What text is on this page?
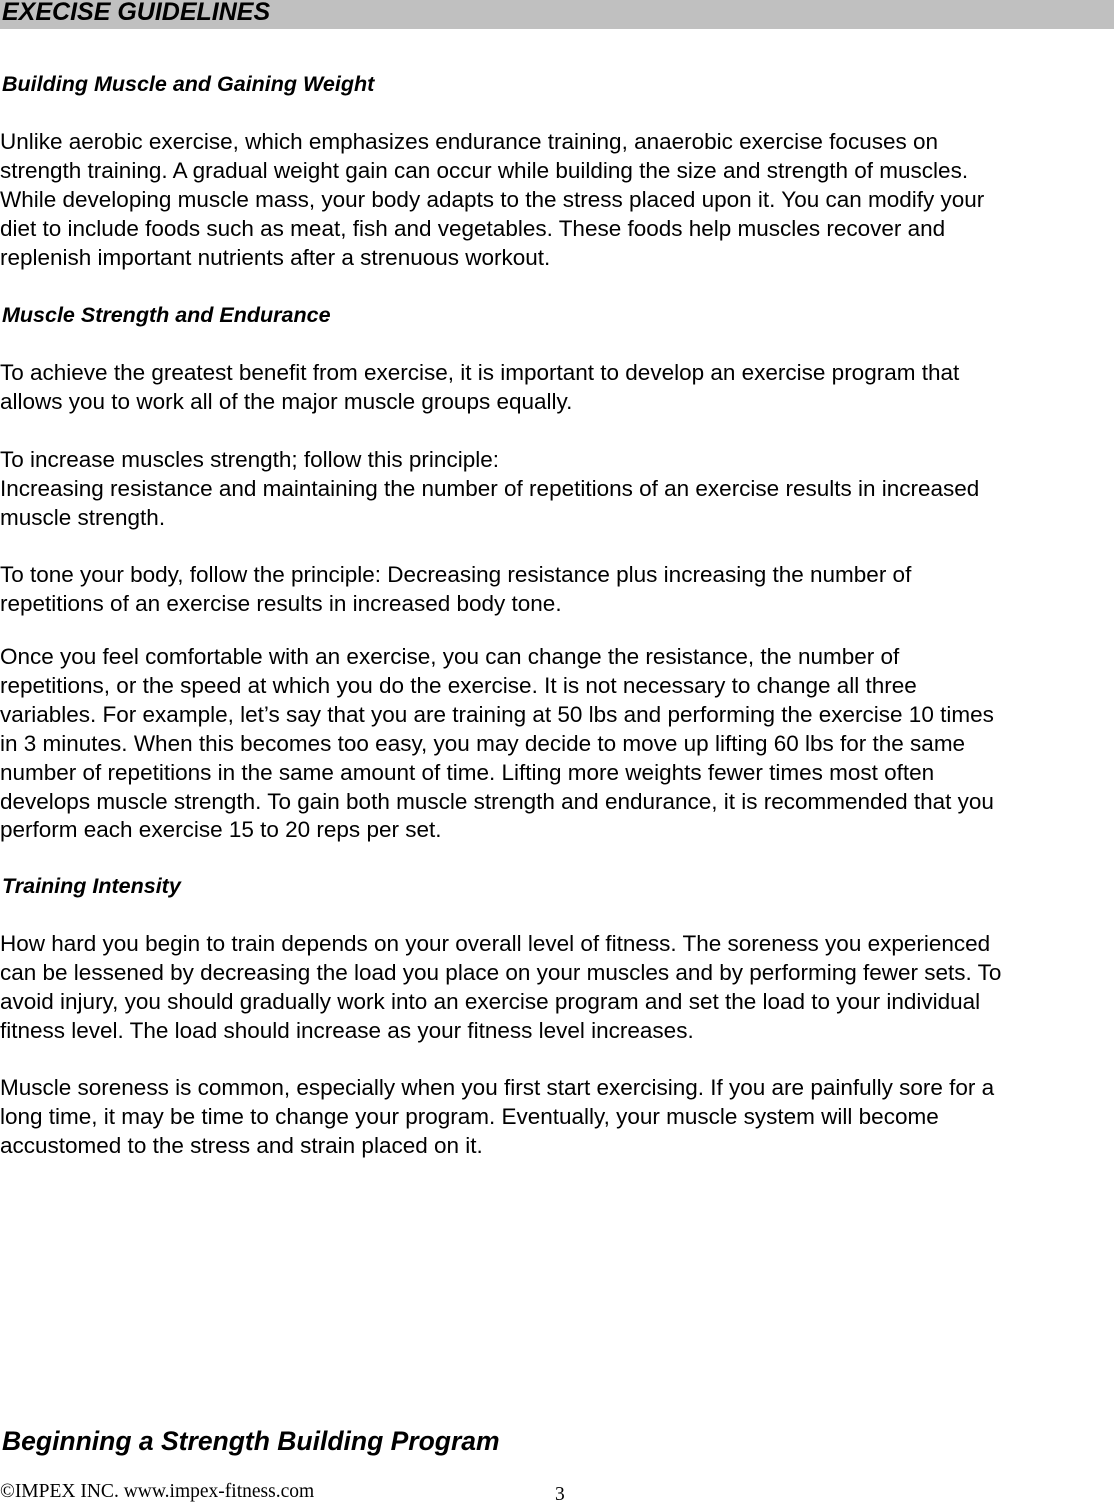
EXECISE GUIDELINES
Building Muscle and Gaining Weight
Unlike aerobic exercise, which emphasizes endurance training, anaerobic exercise focuses on
strength training. A gradual weight gain can occur while building the size and strength of muscles.
While developing muscle mass, your body adapts to the stress placed upon it. You can modify your
diet to include foods such as meat, fish and vegetables. These foods help muscles recover and
replenish important nutrients after a strenuous workout.
Muscle Strength and Endurance
To achieve the greatest benefit from exercise, it is important to develop an exercise program that
allows you to work all of the major muscle groups equally.
To increase muscles strength; follow this principle:
Increasing resistance and maintaining the number of repetitions of an exercise results in increased
muscle strength.
To tone your body, follow the principle: Decreasing resistance plus increasing the number of
repetitions of an exercise results in increased body tone.
Once you feel comfortable with an exercise, you can change the resistance, the number of
repetitions, or the speed at which you do the exercise. It is not necessary to change all three
variables. For example, let’s say that you are training at 50 lbs and performing the exercise 10 times
in 3 minutes. When this becomes too easy, you may decide to move up lifting 60 lbs for the same
number of repetitions in the same amount of time. Lifting more weights fewer times most often
develops muscle strength. To gain both muscle strength and endurance, it is recommended that you
perform each exercise 15 to 20 reps per set.
Training Intensity
How hard you begin to train depends on your overall level of fitness. The soreness you experienced
can be lessened by decreasing the load you place on your muscles and by performing fewer sets. To
avoid injury, you should gradually work into an exercise program and set the load to your individual
fitness level. The load should increase as your fitness level increases.
Muscle soreness is common, especially when you first start exercising. If you are painfully sore for a
long time, it may be time to change your program. Eventually, your muscle system will become
accustomed to the stress and strain placed on it.
Beginning a Strength Building Program
©IMPEX INC. www.impex-fitness.com	3
